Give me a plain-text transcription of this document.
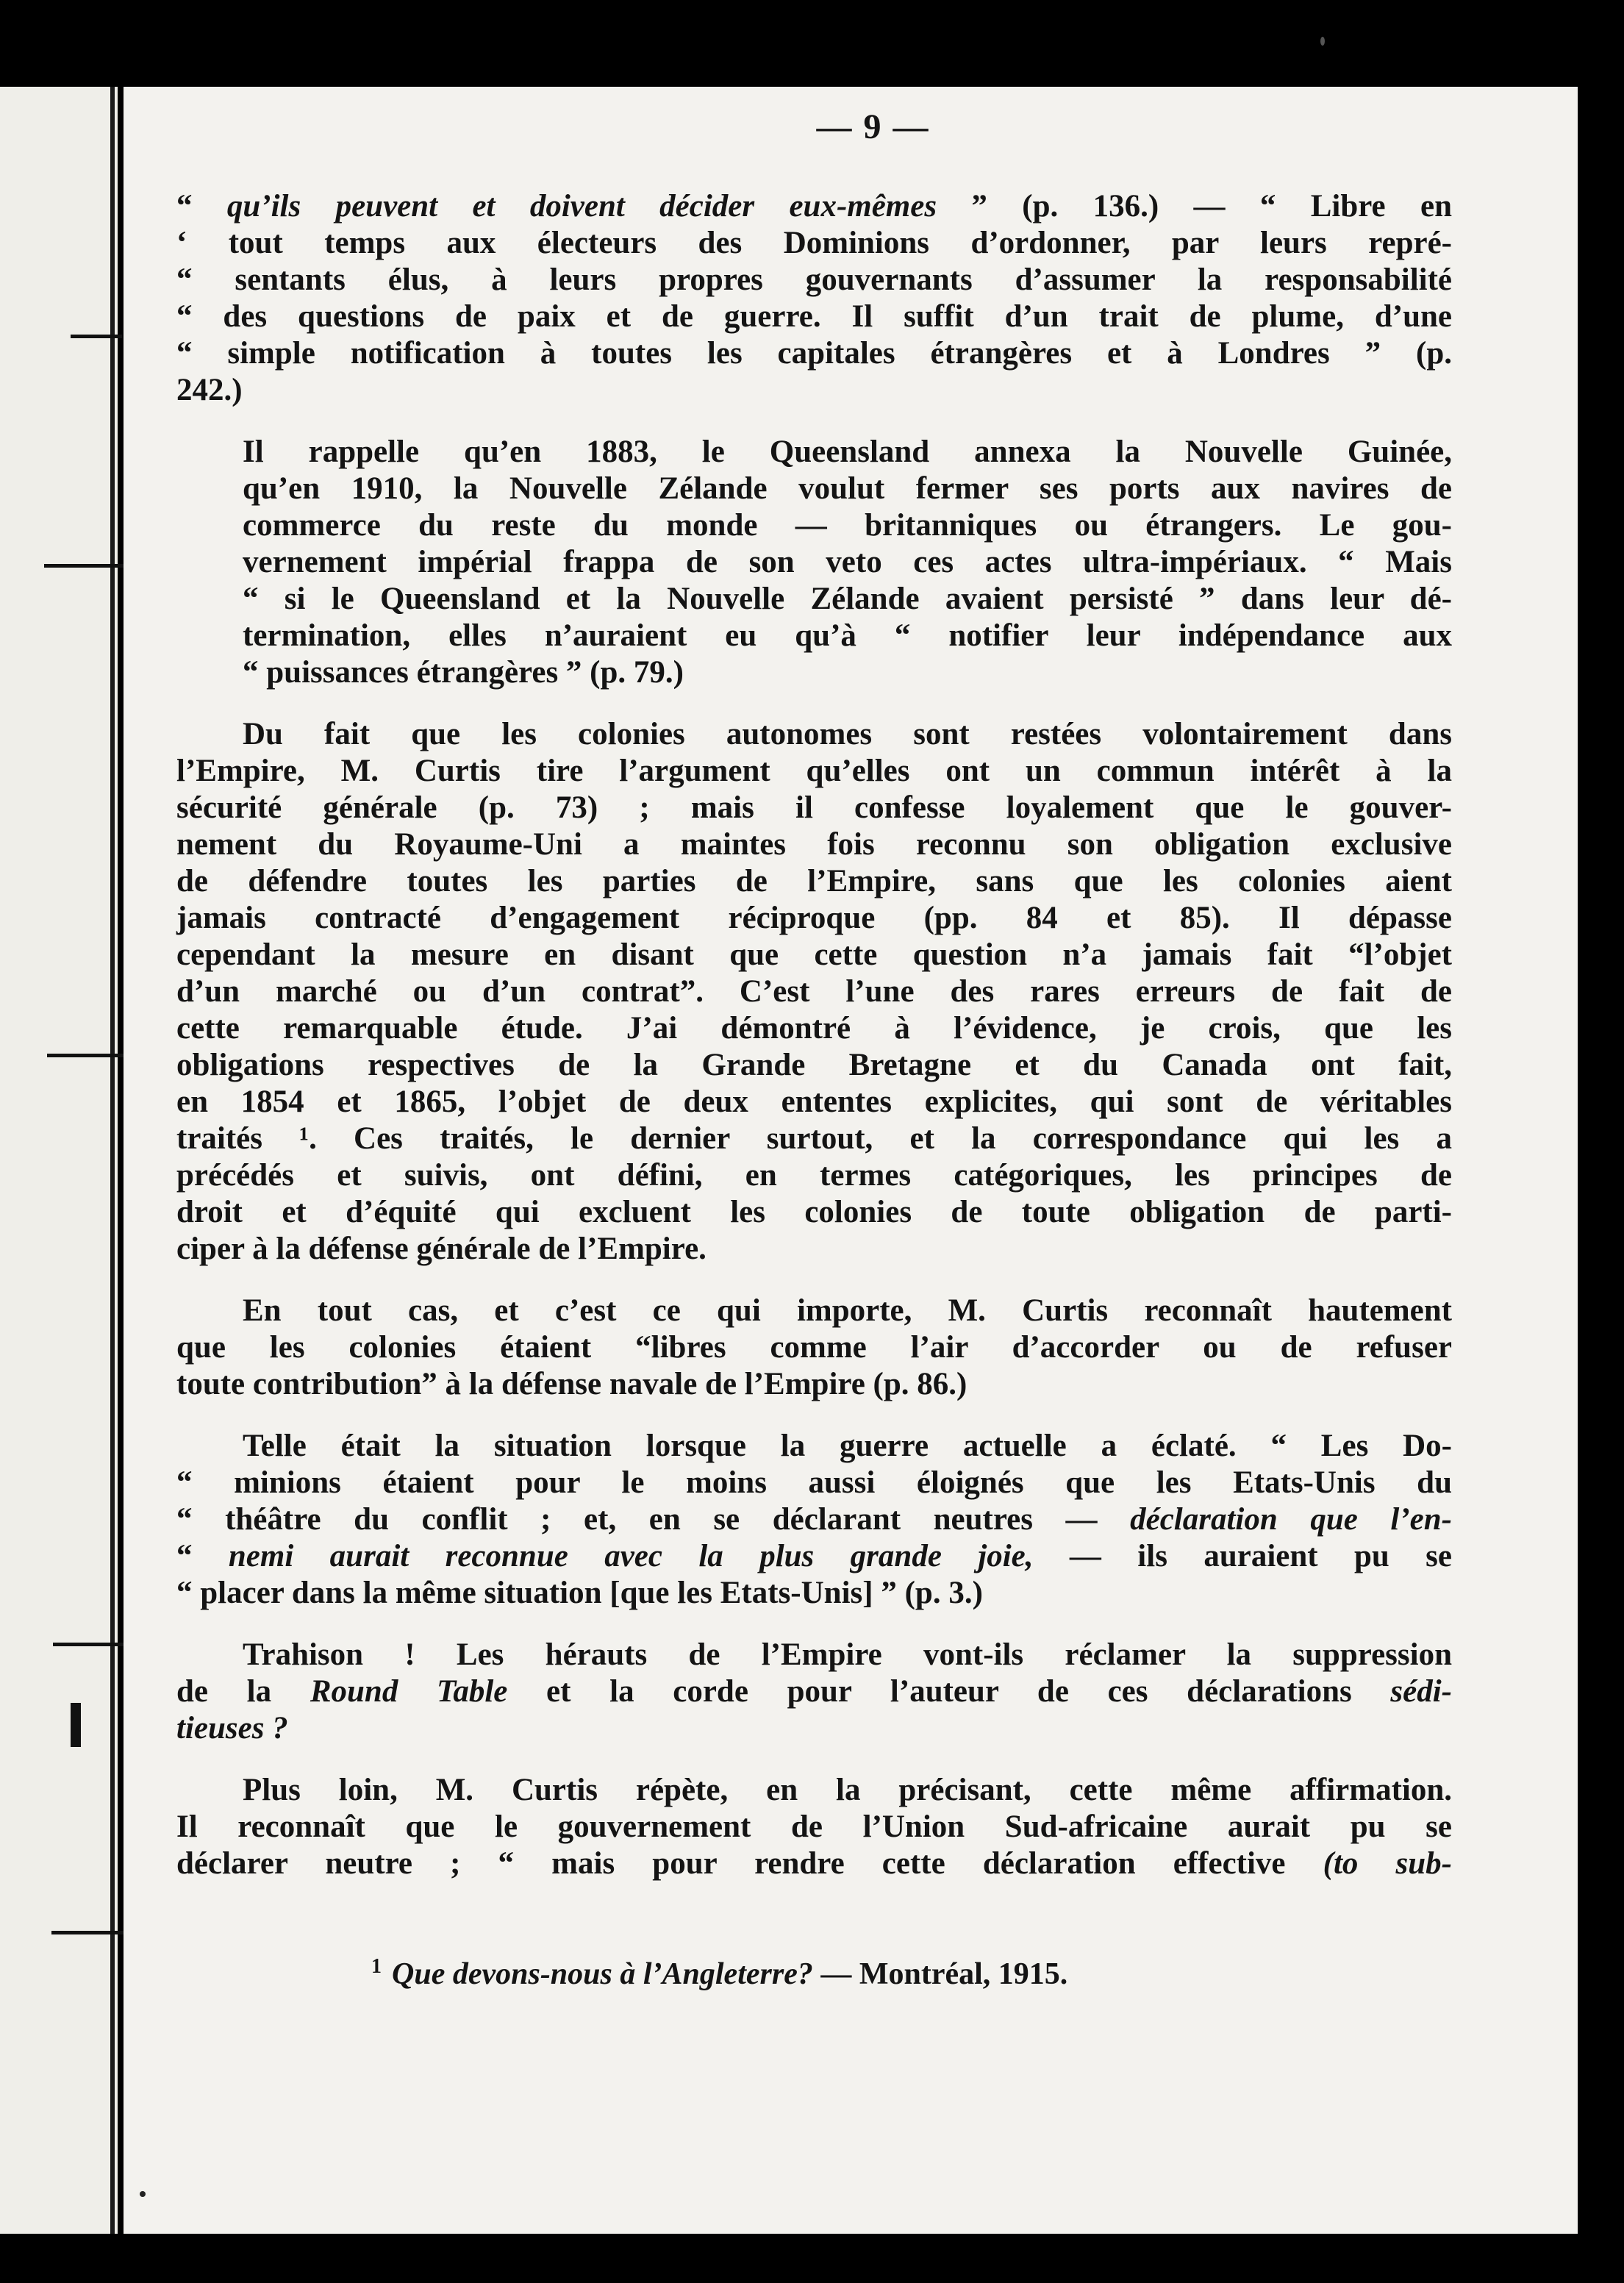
— 9 —
“ qu’ils peuvent et doivent décider eux-mêmes ” (p. 136.) — “ Libre en
‘ tout temps aux électeurs des Dominions d’ordonner, par leurs repré-
“ sentants élus, à leurs propres gouvernants d’assumer la responsabilité
“ des questions de paix et de guerre. Il suffit d’un trait de plume, d’une
“ simple notification à toutes les capitales étrangères et à Londres ” (p.
242.)
Il rappelle qu’en 1883, le Queensland annexa la Nouvelle Guinée,
qu’en 1910, la Nouvelle Zélande voulut fermer ses ports aux navires de
commerce du reste du monde — britanniques ou étrangers. Le gou-
vernement impérial frappa de son veto ces actes ultra-impériaux. “ Mais
“ si le Queensland et la Nouvelle Zélande avaient persisté ” dans leur dé-
termination, elles n’auraient eu qu’à “ notifier leur indépendance aux
“ puissances étrangères ” (p. 79.)
Du fait que les colonies autonomes sont restées volontairement dans
l’Empire, M. Curtis tire l’argument qu’elles ont un commun intérêt à la
sécurité générale (p. 73) ; mais il confesse loyalement que le gouver-
nement du Royaume-Uni a maintes fois reconnu son obligation exclusive
de défendre toutes les parties de l’Empire, sans que les colonies aient
jamais contracté d’engagement réciproque (pp. 84 et 85). Il dépasse
cependant la mesure en disant que cette question n’a jamais fait “l’objet
d’un marché ou d’un contrat”. C’est l’une des rares erreurs de fait de
cette remarquable étude. J’ai démontré à l’évidence, je crois, que les
obligations respectives de la Grande Bretagne et du Canada ont fait,
en 1854 et 1865, l’objet de deux ententes explicites, qui sont de véritables
traités ¹. Ces traités, le dernier surtout, et la correspondance qui les a
précédés et suivis, ont défini, en termes catégoriques, les principes de
droit et d’équité qui excluent les colonies de toute obligation de parti-
ciper à la défense générale de l’Empire.
En tout cas, et c’est ce qui importe, M. Curtis reconnaît hautement
que les colonies étaient “libres comme l’air d’accorder ou de refuser
toute contribution” à la défense navale de l’Empire (p. 86.)
Telle était la situation lorsque la guerre actuelle a éclaté. “ Les Do-
“ minions étaient pour le moins aussi éloignés que les Etats-Unis du
“ théâtre du conflit ; et, en se déclarant neutres — déclaration que l’en-
“ nemi aurait reconnue avec la plus grande joie, — ils auraient pu se
“ placer dans la même situation [que les Etats-Unis] ” (p. 3.)
Trahison ! Les hérauts de l’Empire vont-ils réclamer la suppression
de la Round Table et la corde pour l’auteur de ces déclarations sédi-
tieuses ?
Plus loin, M. Curtis répète, en la précisant, cette même affirmation.
Il reconnaît que le gouvernement de l’Union Sud-africaine aurait pu se
déclarer neutre ; “ mais pour rendre cette déclaration effective (to sub-
$^1$ Que devons-nous à l’Angleterre? — Montréal, 1915.
